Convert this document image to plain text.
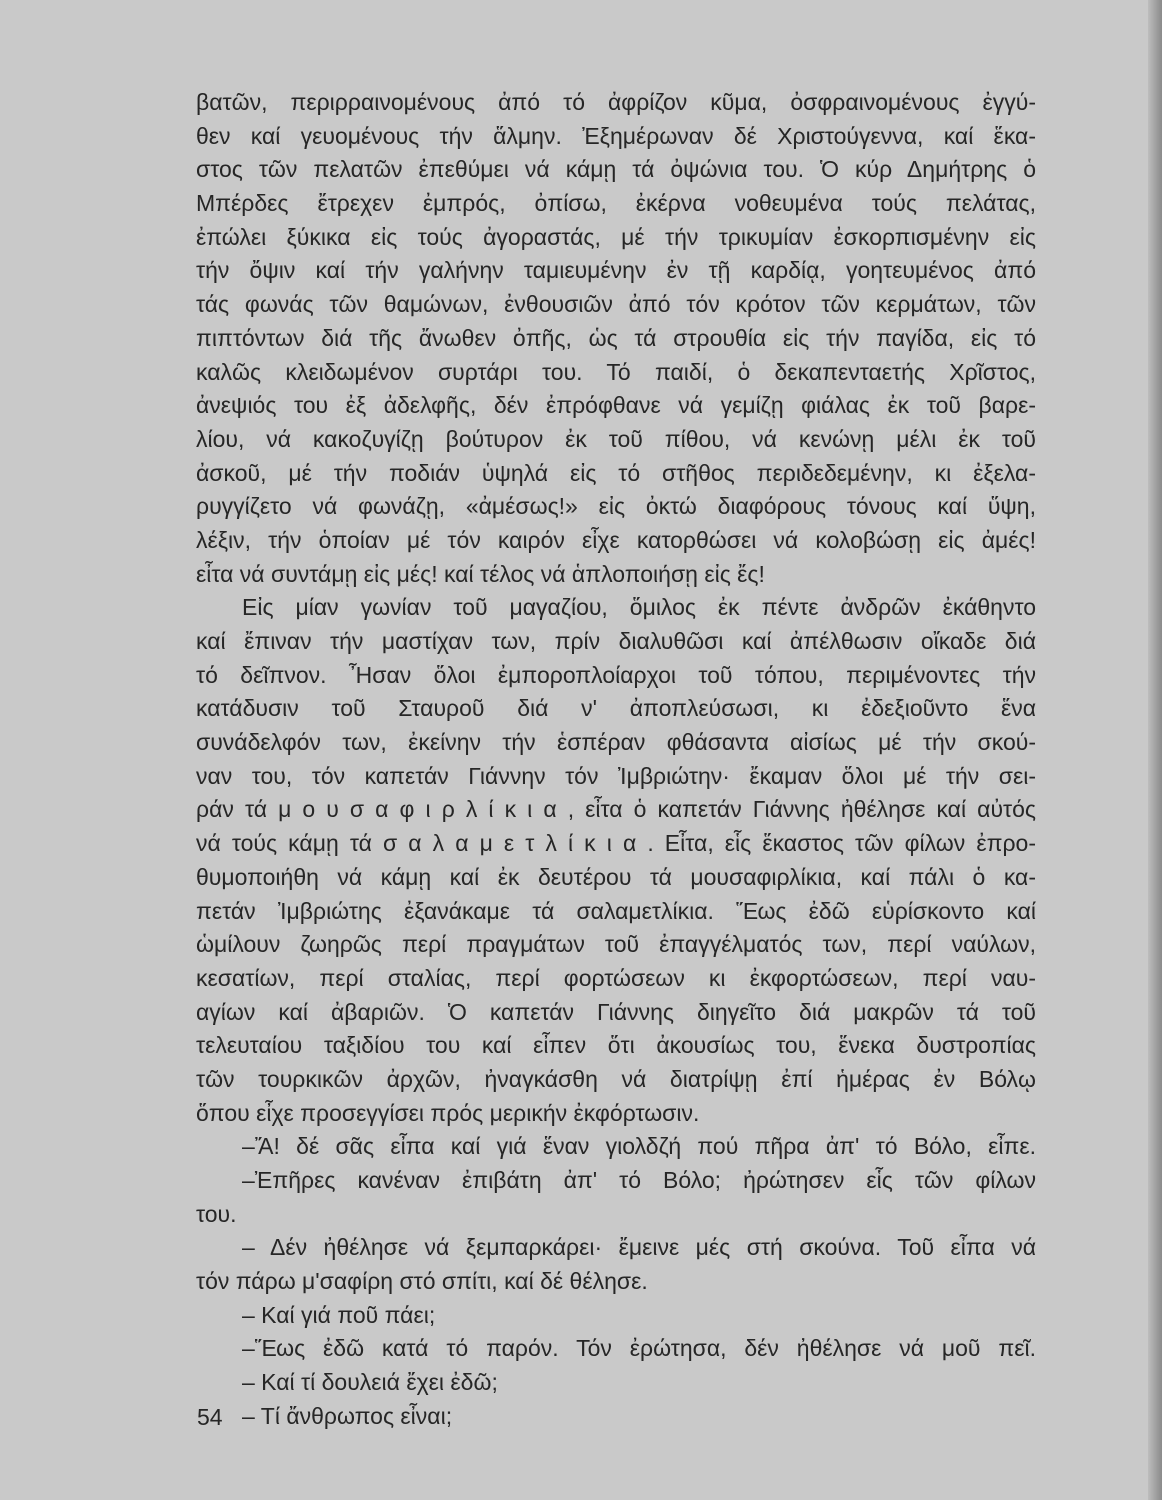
βατῶν, περιρραινομένους ἀπό τό ἀφρίζον κῦμα, ὀσφραινομένους ἐγγύ-
θεν καί γευομένους τήν ἅλμην. Ἐξημέρωναν δέ Χριστούγεννα, καί ἕκα-
στος τῶν πελατῶν ἐπεθύμει νά κάμῃ τά ὀψώνια του. Ὁ κύρ Δημήτρης ὁ
Μπέρδες ἔτρεχεν ἐμπρός, ὀπίσω, ἐκέρνα νοθευμένα τούς πελάτας,
ἐπώλει ξύκικα εἰς τούς ἀγοραστάς, μέ τήν τρικυμίαν ἐσκορπισμένην εἰς
τήν ὄψιν καί τήν γαλήνην ταμιευμένην ἐν τῇ καρδίᾳ, γοητευμένος ἀπό
τάς φωνάς τῶν θαμώνων, ἐνθουσιῶν ἀπό τόν κρότον τῶν κερμάτων, τῶν
πιπτόντων διά τῆς ἄνωθεν ὀπῆς, ὡς τά στρουθία εἰς τήν παγίδα, εἰς τό
καλῶς κλειδωμένον συρτάρι του. Τό παιδί, ὁ δεκαπενταετής Χρῖστος,
ἀνεψιός του ἐξ ἀδελφῆς, δέν ἐπρόφθανε νά γεμίζῃ φιάλας ἐκ τοῦ βαρε-
λίου, νά κακοζυγίζῃ βούτυρον ἐκ τοῦ πίθου, νά κενώνῃ μέλι ἐκ τοῦ
ἀσκοῦ, μέ τήν ποδιάν ὑψηλά εἰς τό στῆθος περιδεδεμένην, κι ἐξελα-
ρυγγίζετο νά φωνάζῃ, «ἀμέσως!» εἰς ὀκτώ διαφόρους τόνους καί ὕψη,
λέξιν, τήν ὁποίαν μέ τόν καιρόν εἶχε κατορθώσει νά κολοβώσῃ εἰς ἀμές!
εἶτα νά συντάμῃ εἰς μές! καί τέλος νά ἁπλοποιήσῃ εἰς ἔς!
Εἰς μίαν γωνίαν τοῦ μαγαζίου, ὅμιλος ἐκ πέντε ἀνδρῶν ἐκάθηντο
καί ἔπιναν τήν μαστίχαν των, πρίν διαλυθῶσι καί ἀπέλθωσιν οἴκαδε διά
τό δεῖπνον. Ἦσαν ὅλοι ἐμποροπλοίαρχοι τοῦ τόπου, περιμένοντες τήν
κατάδυσιν τοῦ Σταυροῦ διά ν' ἀποπλεύσωσι, κι ἐδεξιοῦντο ἕνα
συνάδελφόν των, ἐκείνην τήν ἑσπέραν φθάσαντα αἰσίως μέ τήν σκού-
ναν του, τόν καπετάν Γιάννην τόν Ἰμβριώτην· ἔκαμαν ὅλοι μέ τήν σει-
ράν τά μ ο υ σ α φ ι ρ λ ί κ ι α , εἶτα ὁ καπετάν Γιάννης ἠθέλησε καί αὐτός
νά τούς κάμῃ τά σ α λ α μ ε τ λ ί κ ι α . Εἶτα, εἷς ἕκαστος τῶν φίλων ἐπρο-
θυμοποιήθη νά κάμῃ καί ἐκ δευτέρου τά μουσαφιρλίκια, καί πάλι ὁ κα-
πετάν Ἰμβριώτης ἐξανάκαμε τά σαλαμετλίκια. Ἕως ἐδῶ εὑρίσκοντο καί
ὡμίλουν ζωηρῶς περί πραγμάτων τοῦ ἐπαγγέλματός των, περί ναύλων,
κεσατίων, περί σταλίας, περί φορτώσεων κι ἐκφορτώσεων, περί ναυ-
αγίων καί ἀβαριῶν. Ὁ καπετάν Γιάννης διηγεῖτο διά μακρῶν τά τοῦ
τελευταίου ταξιδίου του καί εἶπεν ὅτι ἀκουσίως του, ἕνεκα δυστροπίας
τῶν τουρκικῶν ἀρχῶν, ἠναγκάσθη νά διατρίψῃ ἐπί ἡμέρας ἐν Βόλῳ
ὅπου εἶχε προσεγγίσει πρός μερικήν ἐκφόρτωσιν.
–Ἄ! δέ σᾶς εἶπα καί γιά ἕναν γιολδζή πού πῆρα ἀπ' τό Βόλο, εἶπε.
–Ἐπῆρες κανέναν ἐπιβάτη ἀπ' τό Βόλο; ἠρώτησεν εἷς τῶν φίλων
του.
– Δέν ἠθέλησε νά ξεμπαρκάρει· ἔμεινε μές στή σκούνα. Τοῦ εἶπα νά
τόν πάρω μ'σαφίρη στό σπίτι, καί δέ θέλησε.
– Καί γιά ποῦ πάει;
–Ἕως ἐδῶ κατά τό παρόν. Τόν ἐρώτησα, δέν ἠθέλησε νά μοῦ πεῖ.
– Καί τί δουλειά ἔχει ἐδῶ;
– Τί ἄνθρωπος εἶναι;
54
